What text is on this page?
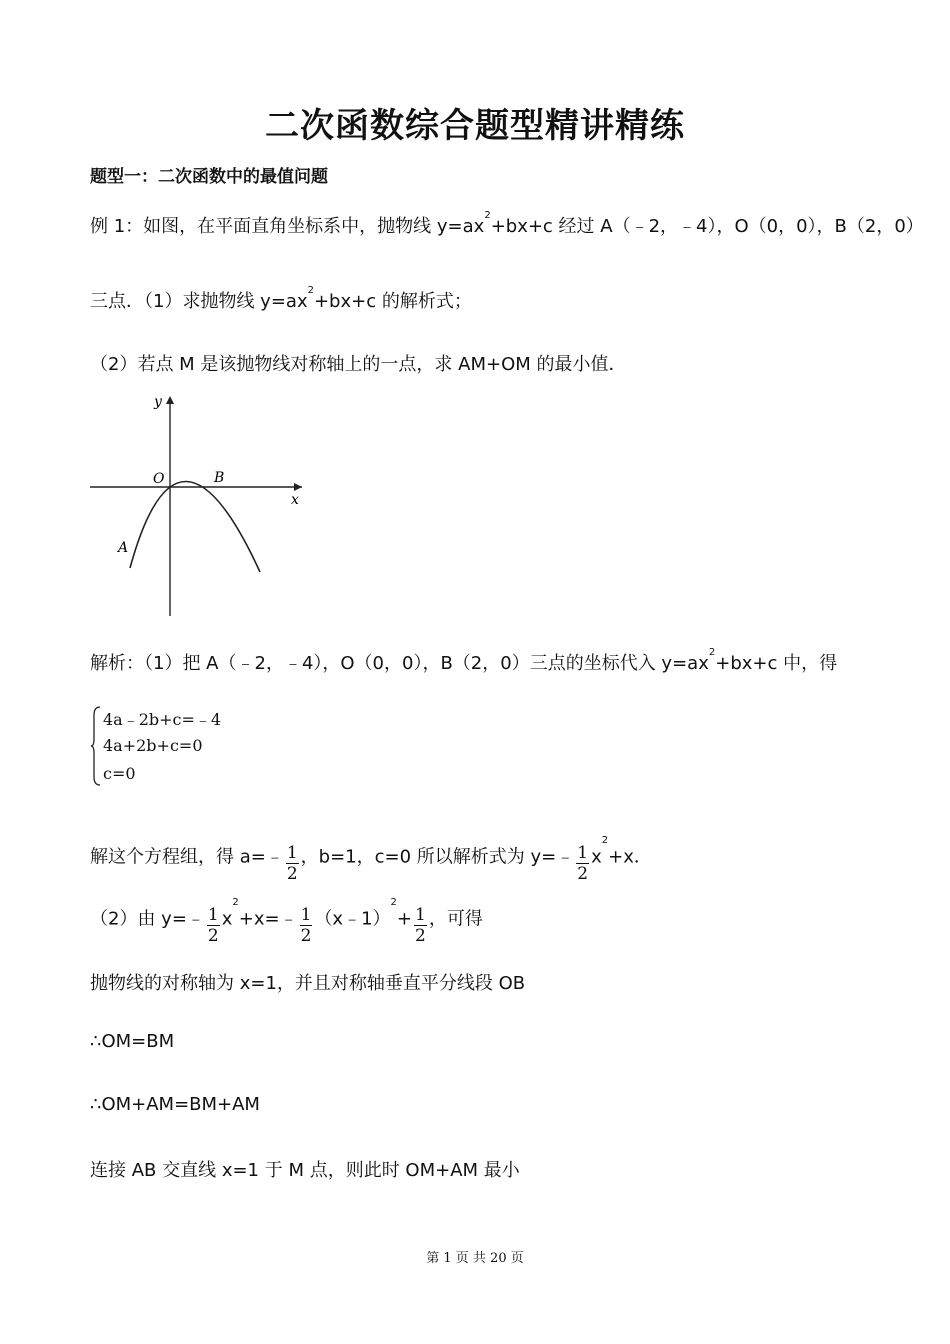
二次函数综合题型精讲精练
题型一：二次函数中的最值问题
例 1：如图，在平面直角坐标系中，抛物线 $y=ax^2+bx+c$ 经过 A（﹣2，﹣4），O（0，0），B（2，0）
三点．（1）求抛物线 $y=ax^2+bx+c$ 的解析式；
（2）若点 M 是该抛物线对称轴上的一点，求 AM+OM 的最小值．
y
x
O	B
A
解析：（1）把 A（﹣2，﹣4），O（0，0），B（2，0）三点的坐标代入 $y=ax^2+bx+c$ 中，得
4a﹣2b+c=﹣4
4a+2b+c=0
c=0
解这个方程组，得 a=﹣ $\frac{1}{2}$ ，b=1，c=0 所以解析式为 y=﹣ $\frac{1}{2} x^2+x$．
（2）由 y=﹣ $\frac{1}{2}$ $x^2+x=﹣ \frac{1}{2}$ （x﹣1）$^2$+ $\frac{1}{2}$ ，可得
抛物线的对称轴为 x=1，并且对称轴垂直平分线段 OB
∴OM=BM
∴OM+AM=BM+AM
连接 AB 交直线 x=1 于 M 点，则此时 OM+AM 最小
第 1 页 共 20 页
